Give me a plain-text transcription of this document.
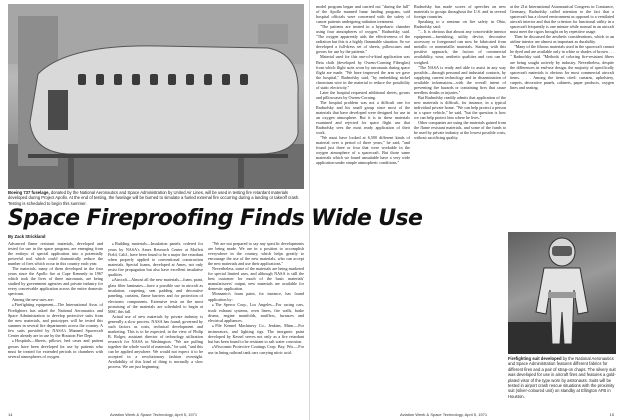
Boeing 737 fuselage, donated by the National Aeronautics and Space Administration by United Air Lines, will be used in testing fire retardant materials developed during Project Apollo. At the end of testing, the fuselage will be burned to simulate a fueled external fire occurring during a landing or takeoff crash. Testing is scheduled to begin this summer.
Space Fireproofing Finds Wide Use
By Zack Strickland

Advanced flame resistant materials, developed and tested for use in the space program, are emerging from the embryo of special application into a potentially powerful tool which could dramatically reduce the number of fires which occur in this country each year.

The materials, many of them developed in the four years since the Apollo fire at Cape Kennedy in 1967 which took the lives of three astronauts, are being studied by government agencies and private industry for every conceivable application across the entire domestic spectrum.

Among the new uses are:

● Firefighting equipment—The International Assn. of Firefighters has asked the National Aeronautics and Space Administration to develop protective suits from the new materials, and prototypes will be tested this summer in several fire departments across the country. A few suits provided by NASA's Manned Spacecraft Center already are in use by the Houston Fire Dept.

● Hospitals—Sheets, pillows, bed cases and patient gowns have been developed for use by patients who must be treated for extended periods in chambers with several atmospheres of oxygen.

● Building materials—Insulation panels, ordered for years by NASA's Ames Research Center at Moffett Field, Calif., have been found to be a major fire retardant when properly applied to conventional construction materials. Special foams, developed at Ames, not only resist fire propagation but also have excellent insulative qualities.

● Aircraft—Almost all the new materials—foam, paint, glass fiber laminates—have a possible use in aircraft as insulation, carpeting, seat padding and decorative paneling, curtains, flame barriers and for protection of electronic components. Extensive tests on the most promising of the materials are scheduled to begin at MSC this fall.

Actual use of new materials by private industry is generally a slow process. NASA has found, governed by such factors as costs, technical development and marketing. This is to be expected, in the view of Philip B. Bolger, assistant director of technology utilization research for NASA in Washington. "We are pulling together the whole world of materials," he said, "and this can be applied anywhere. We would not expect it to be accepted in a revolutionary fashion overnight. Availability of this kind of thing is normally a slow process. We are just beginning.

"We are not prepared to say any specific developments are being made. We are in a position to accomplish everywhere in the country, which helps greatly to encourage the use of the new materials, who can accept the new materials and use their applications."

Nevertheless, some of the materials are being marketed for special limited uses, and although NASA is still the best customer for much of the basic materials' manufacturers' output, new materials are available for domestic application.

Monsanto's foam paint, for instance, has found application by:

● The Sperco Corp., Los Angeles—For racing cars, truck exhaust systems, oven liners, fire walls, brake drums, engine manifolds, mufflers, furnaces and electrical appliances.

● Pile Kennel Machinery Co., Jenkins, Minn.—For incinerators, and lighting rigs. The inorganic paint developed by Kessel serves not only as a fire retardant but has been found to be resistant to salt water corrosion.

● Wisconsin Protective Coatings Corp. Bay, Wis.—For use in lining railroad tank cars carrying nitric acid.

14	Aviation Week & Space Technology, April 5, 1971

model program began and carried out "during the lull" of the Apollo manned lunar landing program, said hospital officials were concerned with the safety of cancer patients undergoing radiation treatment.

"The patients are treated in a hyperbaric chamber using four atmospheres of oxygen," Radnofsky said. "The oxygen apparently aids the effectiveness of the radiation but this is a highly flammable situation. So we developed a full-dress set of sheets, pillowcases and gowns for use by the patients."

Material used for this one-of-a-kind application was Beta cloth (developed by Owens-Corning Fiberglas) from which flight suits worn by astronauts during space flight are made. "We have improved the arm we gave the hospital," Radnofsky said, "by embedding nickel chromium wire in the material to reduce the possibility of static electricity."

Later the hospital requested additional sheets, gowns and pillowcases by Owens-Corning.

The hospital problem was not a difficult one for Radnofsky and his small group since most of the materials that have developed were designed for use in an oxygen atmosphere. But it is in these materials examined and rejected for space flight use that Radnofsky sees the most ready application of their work.

"We must have looked at 6,500 different kinds of material over a period of three years," he said, "and found just three or four that were workable in the oxygen atmosphere of a spacecraft. But those same materials which we found unsuitable have a very wide application under simple atmospheric conditions."

Radnofsky has made scores of speeches on new materials to groups throughout the U.S. and in several foreign countries.

Speaking to a seminar on fire safety in Ohio, Radnofsky said:

"... It is obvious that almost any conceivable interior equipment—furnishing, utility device, decorative accessory or foreground can now be fabricated from metallic or nonmetallic materials. Starting with this positive approach, the factors of commercial availability, wear, aesthetic qualities and cost can be weighed.

"The NASA is ready and able to assist in any way possible—through personal and industrial contacts, by supplying current technology and in dissemination of available information—with the overall intent of preventing fire hazards or containing fires that cause needless deaths or injuries."

But Radnofsky readily admits that application of the new materials is difficult, for instance, in a typical individual private home. "We can help protect a person in a space vehicle," he said, "but the question is how we can help protect him where he lives."

Other companies are using the materials gained from the flame resistant materials, and some of the funds to be used by private industry at the lowest possible costs, without sacrificing quality.

at the 21st International Astronautical Congress in Constance, Germany, Radnofsky called attention to the fact that a spacecraft has a closed environment as opposed to a ventilated aircraft interior and that the criterion for functional utility in a spacecraft frequently is one minute while normal in an aircraft must meet the rigors brought on by repetitive usage.

Then he discussed the aesthetic considerations, which to an airline interior are almost as important as durability.

"Many of the fibrous materials used in the spacecraft cannot be dyed and are available only in white or shades of brown . . . " Radnofsky said. "Methods of coloring fire-resistant fibers are being sought actively by industry. Nevertheless, despite the differences in end-use design, the majority of specifically spacecraft materials is obvious for most commercial aircraft items. . . . Among the items cited: curtains, upholstery, carpets, decorative panels, cabinets, paper products, oxygen lines and seating.

Firefighting suit developed by the National Aeronautics and Space Administration features different fabrics for different fires and a pair of strap-on chaps. The silvery suit was developed for use in aircraft fires and features a gold-plated visor of the type worn by astronauts. Suits will be tested in airport crash rescue situations with the proximity suit (silver-coloured unit) on standby at Ellington AFB in Houston.
Aviation Week & Space Technology, April 5, 1971	15
